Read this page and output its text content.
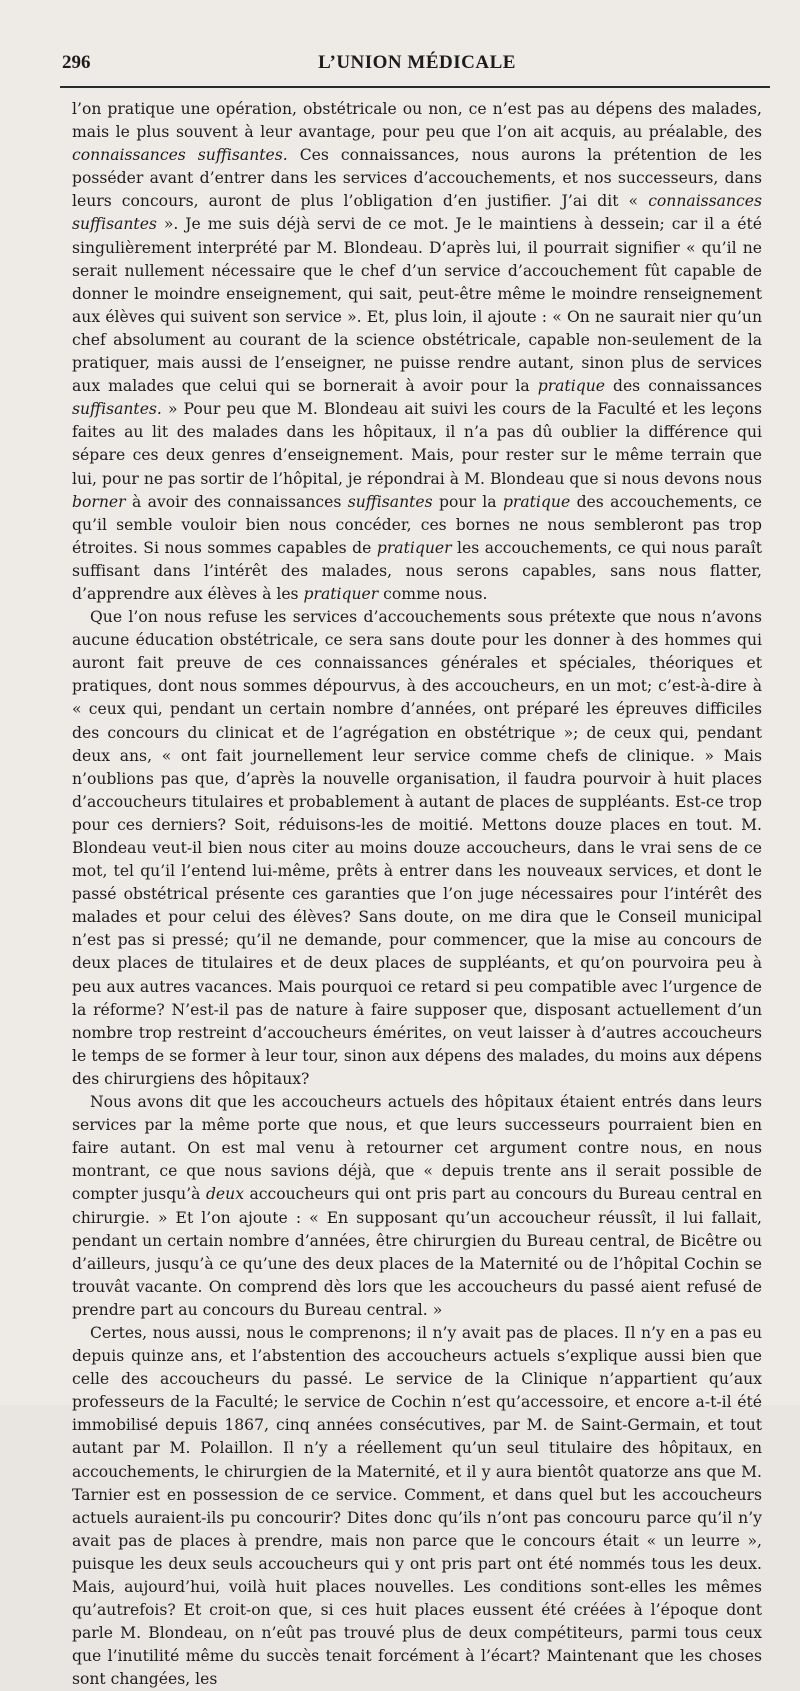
296	L’UNION MÉDICALE

l’on pratique une opération, obstétricale ou non, ce n’est pas au dépens des malades, mais le plus souvent à leur avantage, pour peu que l’on ait acquis, au préalable, des connaissances suffisantes. Ces connaissances, nous aurons la prétention de les posséder avant d’entrer dans les services d’accouchements, et nos successeurs, dans leurs concours, auront de plus l’obligation d’en justifier. J’ai dit « connaissances suffisantes ». Je me suis déjà servi de ce mot. Je le maintiens à dessein; car il a été singulièrement interprété par M. Blondeau. D’après lui, il pourrait signifier « qu’il ne serait nullement nécessaire que le chef d’un service d’accouchement fût capable de donner le moindre enseignement, qui sait, peut-être même le moindre renseignement aux élèves qui suivent son service ». Et, plus loin, il ajoute : « On ne saurait nier qu’un chef absolument au courant de la science obstétricale, capable non-seulement de la pratiquer, mais aussi de l’enseigner, ne puisse rendre autant, sinon plus de services aux malades que celui qui se bornerait à avoir pour la pratique des connaissances suffisantes. » Pour peu que M. Blondeau ait suivi les cours de la Faculté et les leçons faites au lit des malades dans les hôpitaux, il n’a pas dû oublier la différence qui sépare ces deux genres d’enseignement. Mais, pour rester sur le même terrain que lui, pour ne pas sortir de l’hôpital, je répondrai à M. Blondeau que si nous devons nous borner à avoir des connaissances suffisantes pour la pratique des accouchements, ce qu’il semble vouloir bien nous concéder, ces bornes ne nous sembleront pas trop étroites. Si nous sommes capables de pratiquer les accouchements, ce qui nous paraît suffisant dans l’intérêt des malades, nous serons capables, sans nous flatter, d’apprendre aux élèves à les pratiquer comme nous.

Que l’on nous refuse les services d’accouchements sous prétexte que nous n’avons aucune éducation obstétricale, ce sera sans doute pour les donner à des hommes qui auront fait preuve de ces connaissances générales et spéciales, théoriques et pratiques, dont nous sommes dépourvus, à des accoucheurs, en un mot; c’est-à-dire à « ceux qui, pendant un certain nombre d’années, ont préparé les épreuves difficiles des concours du clinicat et de l’agrégation en obstétrique »; de ceux qui, pendant deux ans, « ont fait journellement leur service comme chefs de clinique. » Mais n’oublions pas que, d’après la nouvelle organisation, il faudra pourvoir à huit places d’accoucheurs titulaires et probablement à autant de places de suppléants. Est-ce trop pour ces derniers? Soit, réduisons-les de moitié. Mettons douze places en tout. M. Blondeau veut-il bien nous citer au moins douze accoucheurs, dans le vrai sens de ce mot, tel qu’il l’entend lui-même, prêts à entrer dans les nouveaux services, et dont le passé obstétrical présente ces garanties que l’on juge nécessaires pour l’intérêt des malades et pour celui des élèves? Sans doute, on me dira que le Conseil municipal n’est pas si pressé; qu’il ne demande, pour commencer, que la mise au concours de deux places de titulaires et de deux places de suppléants, et qu’on pourvoira peu à peu aux autres vacances. Mais pourquoi ce retard si peu compatible avec l’urgence de la réforme? N’est-il pas de nature à faire supposer que, disposant actuellement d’un nombre trop restreint d’accoucheurs émérites, on veut laisser à d’autres accoucheurs le temps de se former à leur tour, sinon aux dépens des malades, du moins aux dépens des chirurgiens des hôpitaux?

Nous avons dit que les accoucheurs actuels des hôpitaux étaient entrés dans leurs services par la même porte que nous, et que leurs successeurs pourraient bien en faire autant. On est mal venu à retourner cet argument contre nous, en nous montrant, ce que nous savions déjà, que « depuis trente ans il serait possible de compter jusqu’à deux accoucheurs qui ont pris part au concours du Bureau central en chirurgie. » Et l’on ajoute : « En supposant qu’un accoucheur réussît, il lui fallait, pendant un certain nombre d’années, être chirurgien du Bureau central, de Bicêtre ou d’ailleurs, jusqu’à ce qu’une des deux places de la Maternité ou de l’hôpital Cochin se trouvât vacante. On comprend dès lors que les accoucheurs du passé aient refusé de prendre part au concours du Bureau central. »

Certes, nous aussi, nous le comprenons; il n’y avait pas de places. Il n’y en a pas eu depuis quinze ans, et l’abstention des accoucheurs actuels s’explique aussi bien que celle des accoucheurs du passé. Le service de la Clinique n’appartient qu’aux professeurs de la Faculté; le service de Cochin n’est qu’accessoire, et encore a-t-il été immobilisé depuis 1867, cinq années consécutives, par M. de Saint-Germain, et tout autant par M. Polaillon. Il n’y a réellement qu’un seul titulaire des hôpitaux, en accouchements, le chirurgien de la Maternité, et il y aura bientôt quatorze ans que M. Tarnier est en possession de ce service. Comment, et dans quel but les accoucheurs actuels auraient-ils pu concourir? Dites donc qu’ils n’ont pas concouru parce qu’il n’y avait pas de places à prendre, mais non parce que le concours était « un leurre », puisque les deux seuls accoucheurs qui y ont pris part ont été nommés tous les deux. Mais, aujourd’hui, voilà huit places nouvelles. Les conditions sont-elles les mêmes qu’autrefois? Et croit-on que, si ces huit places eussent été créées à l’époque dont parle M. Blondeau, on n’eût pas trouvé plus de deux compétiteurs, parmi tous ceux que l’inutilité même du succès tenait forcément à l’écart? Maintenant que les choses sont changées, les
